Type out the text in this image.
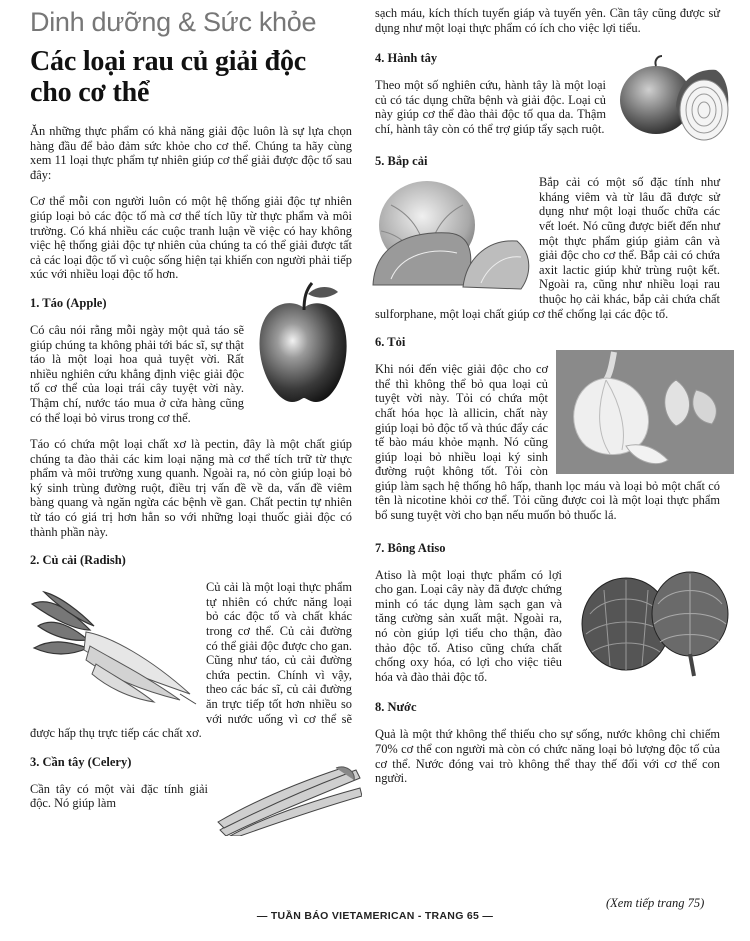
Dinh dưỡng & Sức khỏe
Các loại rau củ giải độc cho cơ thể

Ăn những thực phẩm có khả năng giải độc luôn là sự lựa chọn hàng đầu để bảo đảm sức khỏe cho cơ thể. Chúng ta hãy cùng xem 11 loại thực phẩm tự nhiên giúp cơ thể giải được độc tố sau đây:

Cơ thể mỗi con người luôn có một hệ thống giải độc tự nhiên giúp loại bỏ các độc tố mà cơ thể tích lũy từ thực phẩm và môi trường. Có khá nhiều các cuộc tranh luận về việc có hay không việc hệ thống giải độc tự nhiên của chúng ta có thể giải được tất cả các loại độc tố vì cuộc sống hiện tại khiến con người phải tiếp xúc với nhiều loại độc tố hơn.

1. Táo (Apple)

Có câu nói rằng mỗi ngày một quả táo sẽ giúp chúng ta không phải tới bác sĩ, sự thật táo là một loại hoa quả tuyệt vời. Rất nhiều nghiên cứu khẳng định việc giải độc tố cơ thể của loại trái cây tuyệt vời này. Thậm chí, nước táo mua ở cửa hàng cũng có thể loại bỏ virus trong cơ thể.

Táo có chứa một loại chất xơ là pectin, đây là một chất giúp chúng ta đào thải các kim loại nặng mà cơ thể tích trữ từ thực phẩm và môi trường xung quanh. Ngoài ra, nó còn giúp loại bỏ ký sinh trùng đường ruột, điều trị vấn đề về da, vấn đề viêm bàng quang và ngăn ngừa các bệnh về gan. Chất pectin tự nhiên từ táo có giá trị hơn hẳn so với những loại thuốc giải độc có thành phần này.

2. Củ cải (Radish)

Củ cải là một loại thực phẩm tự nhiên có chức năng loại bỏ các độc tố và chất khác trong cơ thể. Củ cải đường có thể giải độc được cho gan. Cũng như táo, củ cải đường chứa pectin. Chính vì vậy, theo các bác sĩ, củ cải đường ăn trực tiếp tốt hơn nhiều so với nước uống vì cơ thể sẽ được hấp thụ trực tiếp các chất xơ.

3. Cần tây (Celery)

Cần tây có một vài đặc tính giải độc. Nó giúp làm

sạch máu, kích thích tuyến giáp và tuyến yên. Cần tây cũng được sử dụng như một loại thực phẩm có ích cho việc lợi tiểu.

4. Hành tây

Theo một số nghiên cứu, hành tây là một loại củ có tác dụng chữa bệnh và giải độc. Loại củ này giúp cơ thể đào thải độc tố qua da. Thậm chí, hành tây còn có thể trợ giúp tẩy sạch ruột.

5. Bắp cải

Bắp cải có một số đặc tính như kháng viêm và từ lâu đã được sử dụng như một loại thuốc chữa các vết loét. Nó cũng được biết đến như một thực phẩm giúp giảm cân và giải độc cho cơ thể. Bắp cải có chứa axit lactic giúp khử trùng ruột kết. Ngoài ra, cũng như nhiều loại rau thuộc họ cải khác, bắp cải chứa chất sulforphane, một loại chất giúp cơ thể chống lại các độc tố.

6. Tỏi

Khi nói đến việc giải độc cho cơ thể thì không thể bỏ qua loại củ tuyệt vời này. Tỏi có chứa một chất hóa học là allicin, chất này giúp loại bỏ độc tố và thúc đẩy các tế bào máu khỏe mạnh. Nó cũng giúp loại bỏ nhiều loại ký sinh đường ruột không tốt. Tỏi còn giúp làm sạch hệ thống hô hấp, thanh lọc máu và loại bỏ một chất có tên là nicotine khỏi cơ thể. Tỏi cũng được coi là một loại thực phẩm bổ sung tuyệt vời cho bạn nếu muốn bỏ thuốc lá.

7. Bông Atiso

Atiso là một loại thực phẩm có lợi cho gan. Loại cây này đã được chứng minh có tác dụng làm sạch gan và tăng cường sản xuất mật. Ngoài ra, nó còn giúp lợi tiểu cho thận, đào thảo độc tố. Atiso cũng chứa chất chống oxy hóa, có lợi cho việc tiêu hóa và đào thải độc tố.

8. Nước

Quả là một thứ không thể thiếu cho sự sống, nước không chỉ chiếm 70% cơ thể con người mà còn có chức năng loại bỏ lượng độc tố của cơ thể. Nước đóng vai trò không thể thay thế đối với cơ thể con người.

(Xem tiếp trang 75)
— TUẦN BÁO VIETAMERICAN - TRANG 65 —
